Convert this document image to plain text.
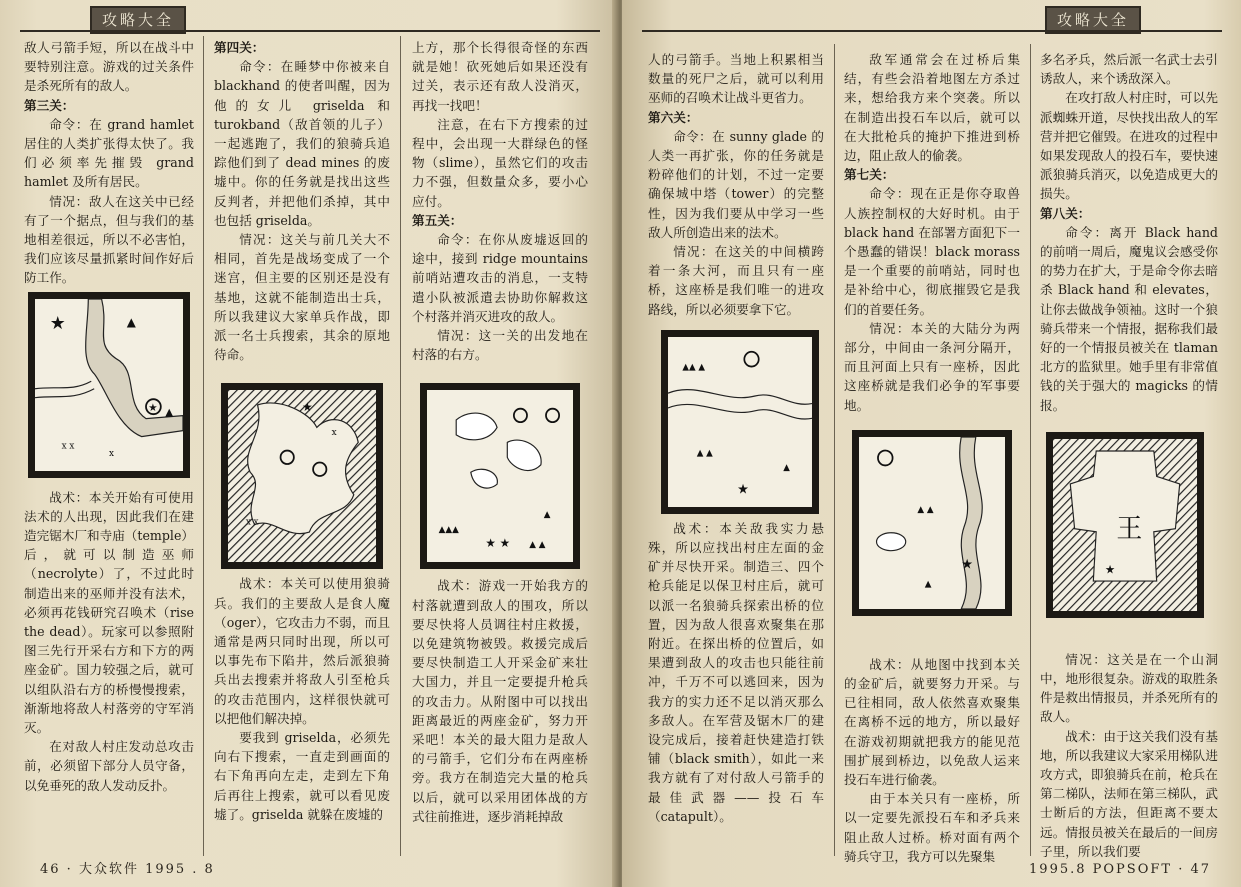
攻略大全

敌人弓箭手短，所以在战斗中要特别注意。游戏的过关条件是杀死所有的敌人。

第三关：

命令：在 grand hamlet 居住的人类扩张得太快了。我们必须率先摧毁 grand hamlet 及所有居民。

情况：敌人在这关中已经有了一个据点，但与我们的基地相差很远，所以不必害怕，我们应该尽量抓紧时间作好后防工作。

战术：本关开始有可使用法术的人出现，因此我们在建造完锯木厂和寺庙（temple）后，就可以制造巫师（necrolyte）了，不过此时制造出来的巫师并没有法术，必须再花钱研究召唤术（rise the dead）。玩家可以参照附图三先行开采右方和下方的两座金矿。国力较强之后，就可以组队沿右方的桥慢慢搜索，渐渐地将敌人村落旁的守军消灭。

在对敌人村庄发动总攻击前，必须留下部分人员守备，以免垂死的敌人发动反扑。

第四关：

命令：在睡梦中你被来自 blackhand 的使者叫醒，因为他的女儿 griselda 和 turokband（敌首领的儿子）一起逃跑了，我们的狼骑兵追踪他们到了 dead mines 的废墟中。你的任务就是找出这些反判者，并把他们杀掉，其中也包括 griselda。

情况：这关与前几关大不相同，首先是战场变成了一个迷宫，但主要的区别还是没有基地，这就不能制造出士兵，所以我建议大家单兵作战，即派一名士兵搜索，其余的原地待命。

战术：本关可以使用狼骑兵。我们的主要敌人是食人魔（oger），它攻击力不弱，而且通常是两只同时出现，所以可以事先布下陷井，然后派狼骑兵出去搜索并将敌人引至枪兵的攻击范围内，这样很快就可以把他们解决掉。

要我到 griselda，必须先向右下搜索，一直走到画面的右下角再向左走，走到左下角后再往上搜索，就可以看见废墟了。griselda 就躲在废墟的

上方，那个长得很奇怪的东西就是她！砍死她后如果还没有过关，表示还有敌人没消灭，再找一找吧！

注意，在右下方搜索的过程中，会出现一大群绿色的怪物（slime），虽然它们的攻击力不强，但数量众多，要小心应付。

第五关：

命令：在你从废墟返回的途中，接到 ridge mountains 前哨站遭攻击的消息，一支特遣小队被派遣去协助你解救这个村落并消灭进攻的敌人。

情况：这一关的出发地在村落的右方。

战术：游戏一开始我方的村落就遭到敌人的围攻，所以要尽快将人员调往村庄救援，以免建筑物被毁。救援完成后要尽快制造工人开采金矿来壮大国力，并且一定要提升枪兵的攻击力。从附图中可以找出距离最近的两座金矿，努力开采吧！本关的最大阻力是敌人的弓箭手，它们分布在两座桥旁。我方在制造完大量的枪兵以后，就可以采用团体战的方式往前推进，逐步消耗掉敌

46 · 大众软件 1995 . 8
攻略大全

人的弓箭手。当地上积累相当数量的死尸之后，就可以利用巫师的召唤术让战斗更省力。

第六关：

命令：在 sunny glade 的人类一再扩张，你的任务就是粉碎他们的计划，不过一定要确保城中塔（tower）的完整性，因为我们要从中学习一些敌人所创造出来的法术。

情况：在这关的中间横跨着一条大河，而且只有一座桥，这座桥是我们唯一的进攻路线，所以必须要拿下它。

战术：本关敌我实力悬殊，所以应找出村庄左面的金矿并尽快开采。制造三、四个枪兵能足以保卫村庄后，就可以派一名狼骑兵探索出桥的位置，因为敌人很喜欢聚集在那附近。在探出桥的位置后，如果遭到敌人的攻击也只能往前冲，千万不可以逃回来，因为我方的实力还不足以消灭那么多敌人。在军营及锯木厂的建设完成后，接着赶快建造打铁铺（black smith），如此一来我方就有了对付敌人弓箭手的最佳武器——投石车（catapult）。

敌军通常会在过桥后集结，有些会沿着地图左方杀过来，想给我方来个突袭。所以在制造出投石车以后，就可以在大批枪兵的掩护下推进到桥边，阻止敌人的偷袭。

第七关：

命令：现在正是你夺取兽人族控制权的大好时机。由于 black hand 在部署方面犯下一个愚蠢的错误！black morass 是一个重要的前哨站，同时也是补给中心，彻底摧毁它是我们的首要任务。

情况：本关的大陆分为两部分，中间由一条河分隔开，而且河面上只有一座桥，因此这座桥就是我们必争的军事要地。

战术：从地图中找到本关的金矿后，就要努力开采。与已往相同，敌人依然喜欢聚集在离桥不远的地方，所以最好在游戏初期就把我方的能见范围扩展到桥边，以免敌人运来投石车进行偷袭。

由于本关只有一座桥，所以一定要先派投石车和矛兵来阻止敌人过桥。桥对面有两个骑兵守卫，我方可以先聚集

多名矛兵，然后派一名武士去引诱敌人，来个诱敌深入。

在攻打敌人村庄时，可以先派蜘蛛开道，尽快找出敌人的军营并把它催毁。在进攻的过程中如果发现敌人的投石车，要快速派狼骑兵消灭，以免造成更大的损失。

第八关：

命令：离开 Black hand 的前哨一周后，魔鬼议会感受你的势力在扩大，于是命令你去暗杀 Black hand 和 elevates，让你去做战争领袖。这时一个狼骑兵带来一个情报，据称我们最好的一个情报员被关在 tlaman 北方的监狱里。她手里有非常值钱的关于强大的 magicks 的情报。

情况：这关是在一个山洞中，地形很复杂。游戏的取胜条件是救出情报员，并杀死所有的敌人。

战术：由于这关我们没有基地，所以我建议大家采用梯队进攻方式，即狼骑兵在前，枪兵在第二梯队，法师在第三梯队，武士断后的方法，但距离不要太远。情报员被关在最后的一间房子里，所以我们要

1995.8 POPSOFT · 47
★	▲
★ ▲
x x
x
★
x
x x
★ ★	▲ ▲
▲▲▲
▲
▲▲ ▲
▲ ▲
★
▲
★
▲ ▲
▲
王
★
